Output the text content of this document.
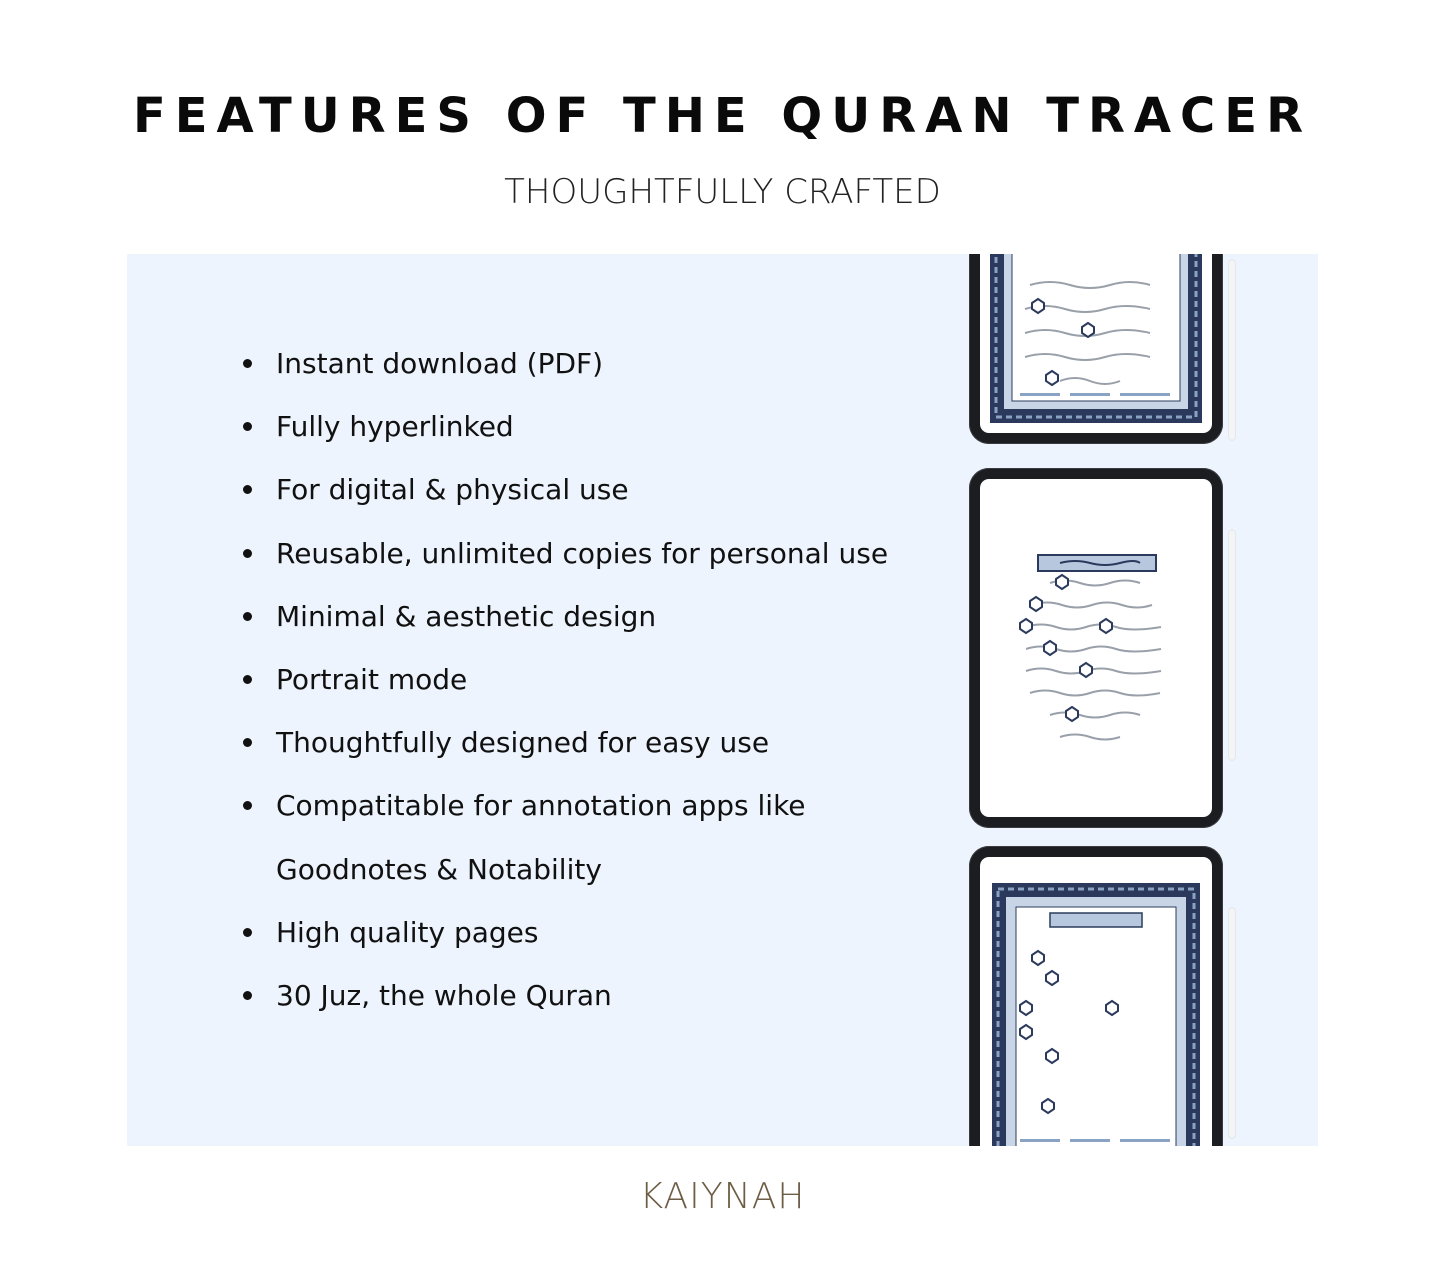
FEATURES OF THE QURAN TRACER
THOUGHTFULLY CRAFTED
Instant download (PDF)
Fully hyperlinked
For digital & physical use
Reusable, unlimited copies for personal use
Minimal & aesthetic design
Portrait mode
Thoughtfully designed for easy use
Compatitable for annotation apps like
Goodnotes & Notability
High quality pages
30 Juz, the whole Quran
KAIYNAH
